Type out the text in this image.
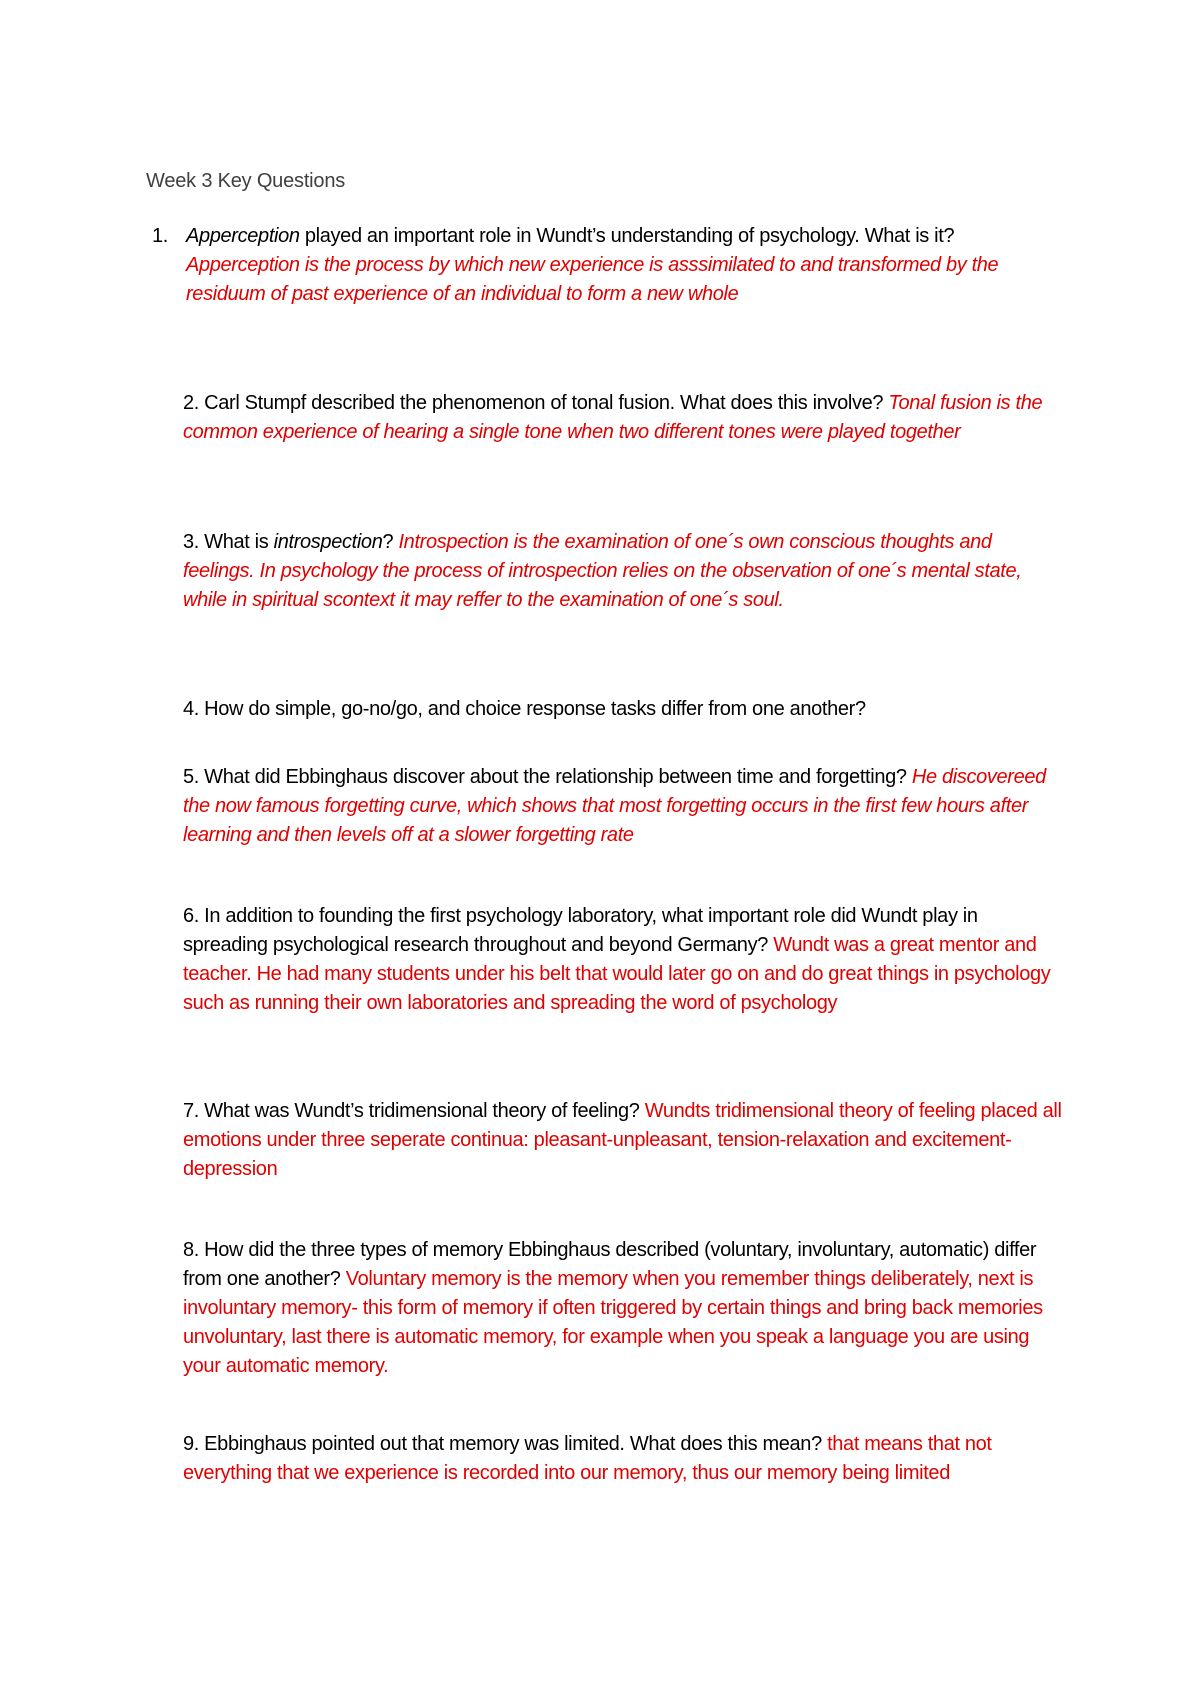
Week 3 Key Questions
1. Apperception played an important role in Wundt’s understanding of psychology. What is it? Apperception is the process by which new experience is asssimilated to and transformed by the residuum of past experience of an individual to form a new whole
2. Carl Stumpf described the phenomenon of tonal fusion. What does this involve? Tonal fusion is the common experience of hearing a single tone when two different tones were played together
3. What is introspection? Introspection is the examination of one´s own conscious thoughts and feelings. In psychology the process of introspection relies on the observation of one´s mental state, while in spiritual scontext it may reffer to the examination of one´s soul.
4. How do simple, go-no/go, and choice response tasks differ from one another?
5. What did Ebbinghaus discover about the relationship between time and forgetting? He discovereed the now famous forgetting curve, which shows that most forgetting occurs in the first few hours after learning and then levels off at a slower forgetting rate
6. In addition to founding the first psychology laboratory, what important role did Wundt play in spreading psychological research throughout and beyond Germany? Wundt was a great mentor and teacher. He had many students under his belt that would later go on and do great things in psychology such as running their own laboratories and spreading the word of psychology
7. What was Wundt’s tridimensional theory of feeling? Wundts tridimensional theory of feeling placed all emotions under three seperate continua: pleasant-unpleasant, tension-relaxation and excitement-depression
8. How did the three types of memory Ebbinghaus described (voluntary, involuntary, automatic) differ from one another? Voluntary memory is the memory when you remember things deliberately, next is involuntary memory- this form of memory if often triggered by certain things and bring back memories unvoluntary, last there is automatic memory, for example when you speak a language you are using your automatic memory.
9. Ebbinghaus pointed out that memory was limited. What does this mean? that means that not everything that we experience is recorded into our memory, thus our memory being limited
